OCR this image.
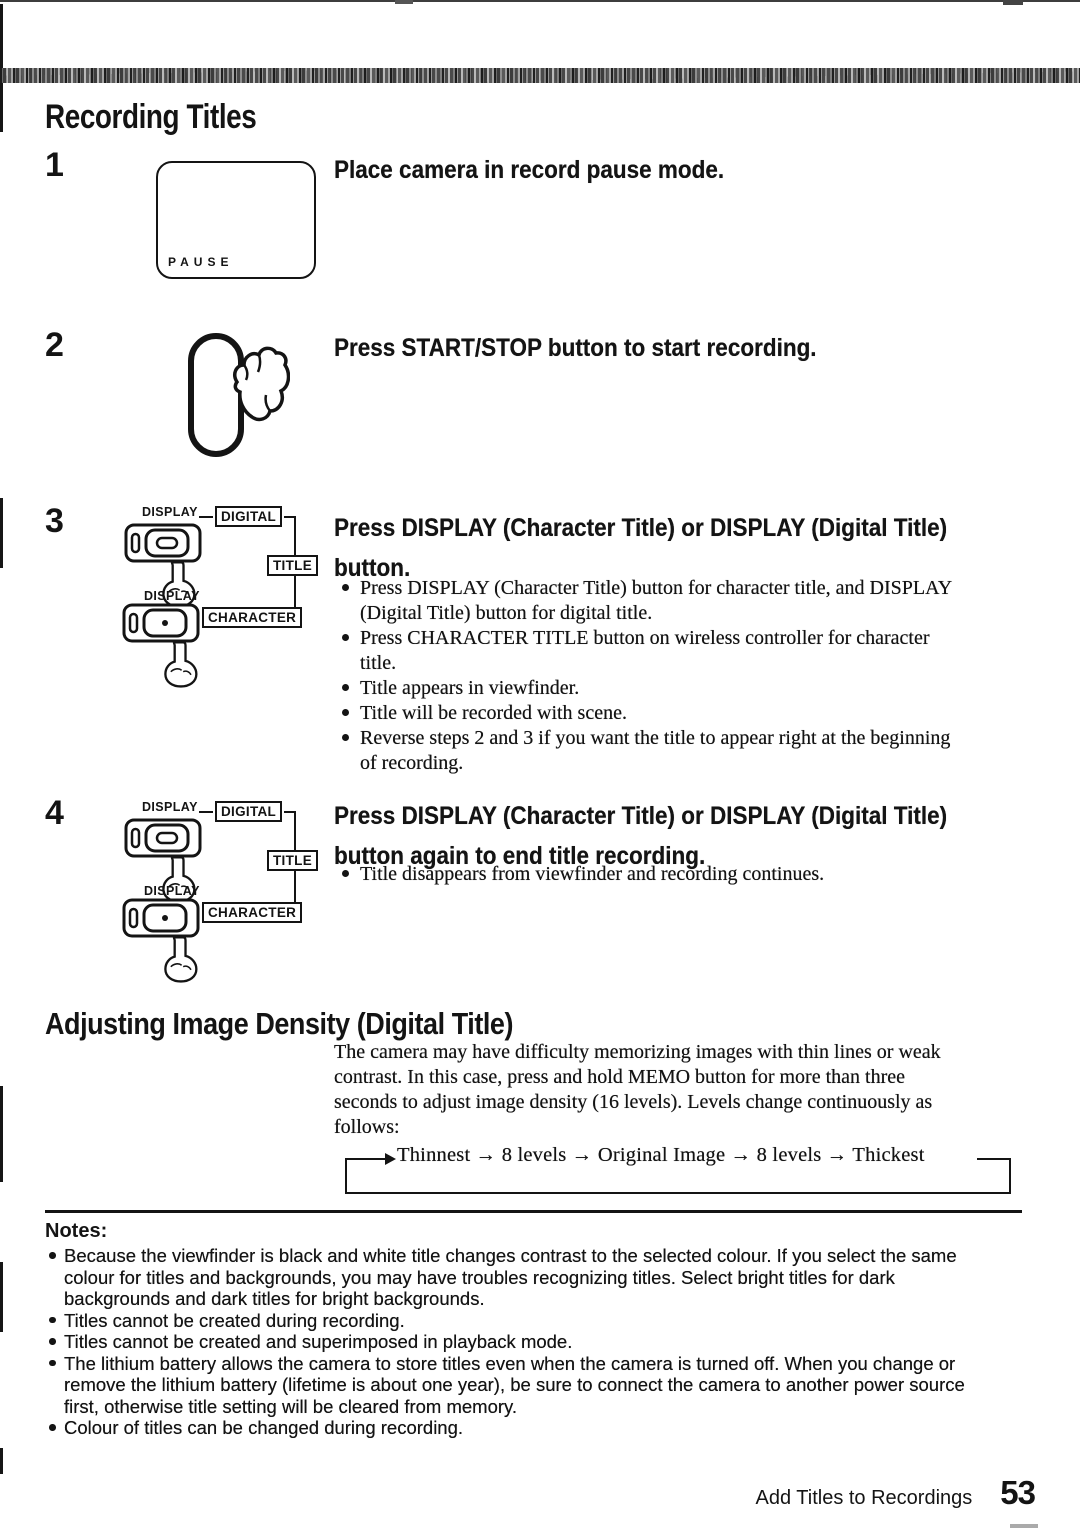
Recording Titles
1
PAUSE
Place camera in record pause mode.
2	Press START/STOP button to start recording.
3	DISPLAY	DIGITAL
TITLE
DISPLAY
CHARACTER
Press DISPLAY (Character Title) or DISPLAY (Digital Title)
button.
Press DISPLAY (Character Title) button for character title, and DISPLAY
(Digital Title) button for digital title.
Press CHARACTER TITLE button on wireless controller for character
title.
Title appears in viewfinder.
Title will be recorded with scene.
Reverse steps 2 and 3 if you want the title to appear right at the beginning
of recording.
4	DISPLAY	DIGITAL
TITLE
DISPLAY
CHARACTER
Press DISPLAY (Character Title) or DISPLAY (Digital Title)
button again to end title recording.
Title disappears from viewfinder and recording continues.
Adjusting Image Density (Digital Title)
The camera may have difficulty memorizing images with thin lines or weak
contrast. In this case, press and hold MEMO button for more than three
seconds to adjust image density (16 levels). Levels change continuously as
follows:
Thinnest → 8 levels → Original Image → 8 levels → Thickest
Notes:
Because the viewfinder is black and white title changes contrast to the selected colour. If you select the same
colour for titles and backgrounds, you may have troubles recognizing titles. Select bright titles for dark
backgrounds and dark titles for bright backgrounds.
Titles cannot be created during recording.
Titles cannot be created and superimposed in playback mode.
The lithium battery allows the camera to store titles even when the camera is turned off. When you change or
remove the lithium battery (lifetime is about one year), be sure to connect the camera to another power source
first, otherwise title setting will be cleared from memory.
Colour of titles can be changed during recording.
Add Titles to Recordings 53
